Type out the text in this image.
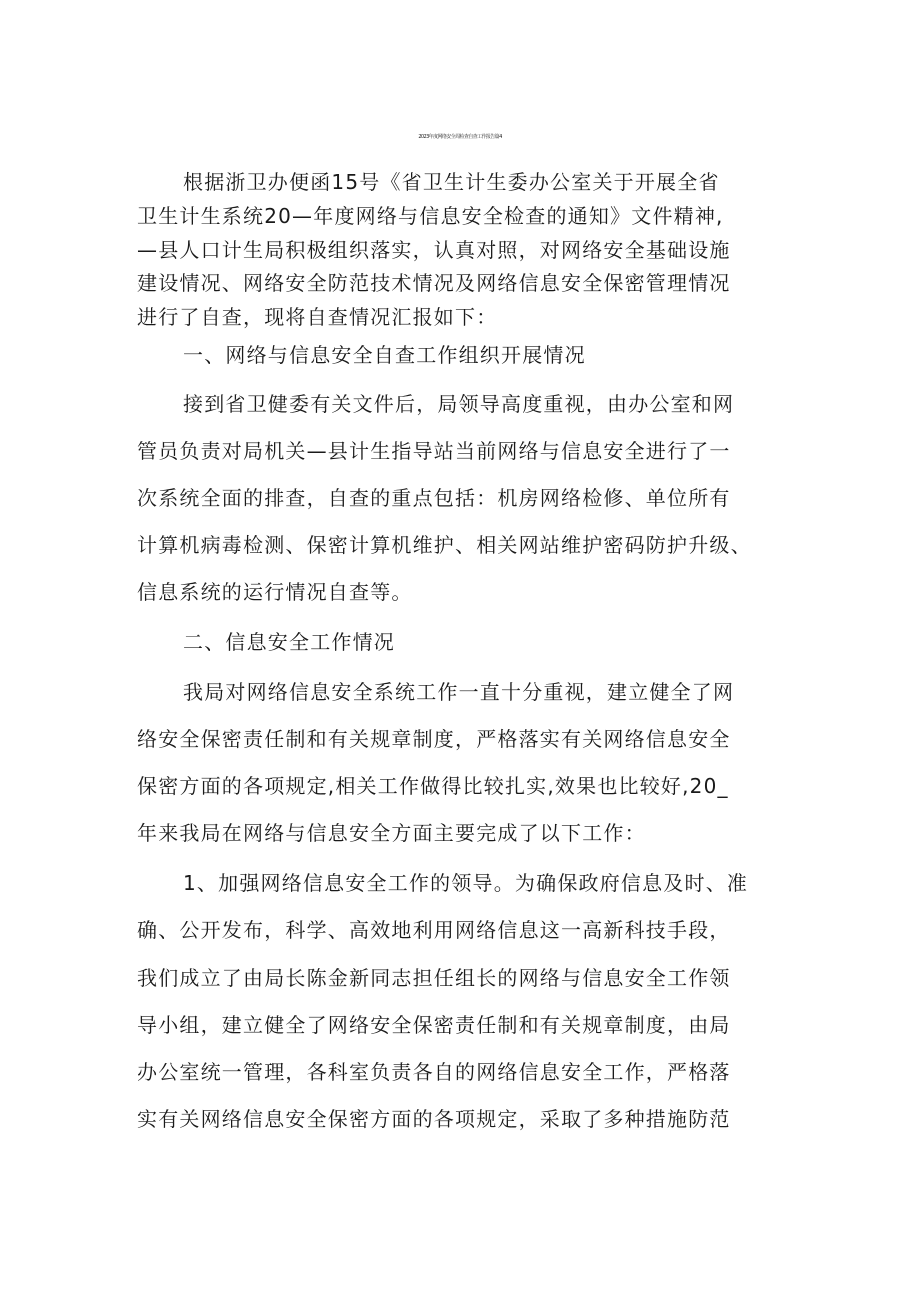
2023年度网络安全周检查自查工作报告篇4
根据浙卫办便函15号《省卫生计生委办公室关于开展全省
卫生计生系统20—年度网络与信息安全检查的通知》文件精神,
—县人口计生局积极组织落实，认真对照，对网络安全基础设施
建设情况、网络安全防范技术情况及网络信息安全保密管理情况
进行了自查，现将自查情况汇报如下：
一、网络与信息安全自查工作组织开展情况
接到省卫健委有关文件后，局领导高度重视，由办公室和网
管员负责对局机关—县计生指导站当前网络与信息安全进行了一
次系统全面的排查，自查的重点包括：机房网络检修、单位所有
计算机病毒检测、保密计算机维护、相关网站维护密码防护升级、
信息系统的运行情况自查等。
二、信息安全工作情况
我局对网络信息安全系统工作一直十分重视，建立健全了网
络安全保密责任制和有关规章制度，严格落实有关网络信息安全
保密方面的各项规定,相关工作做得比较扎实,效果也比较好,20_
年来我局在网络与信息安全方面主要完成了以下工作：
1、加强网络信息安全工作的领导。为确保政府信息及时、准
确、公开发布，科学、高效地利用网络信息这一高新科技手段，
我们成立了由局长陈金新同志担任组长的网络与信息安全工作领
导小组，建立健全了网络安全保密责任制和有关规章制度，由局
办公室统一管理，各科室负责各自的网络信息安全工作，严格落
实有关网络信息安全保密方面的各项规定，采取了多种措施防范
